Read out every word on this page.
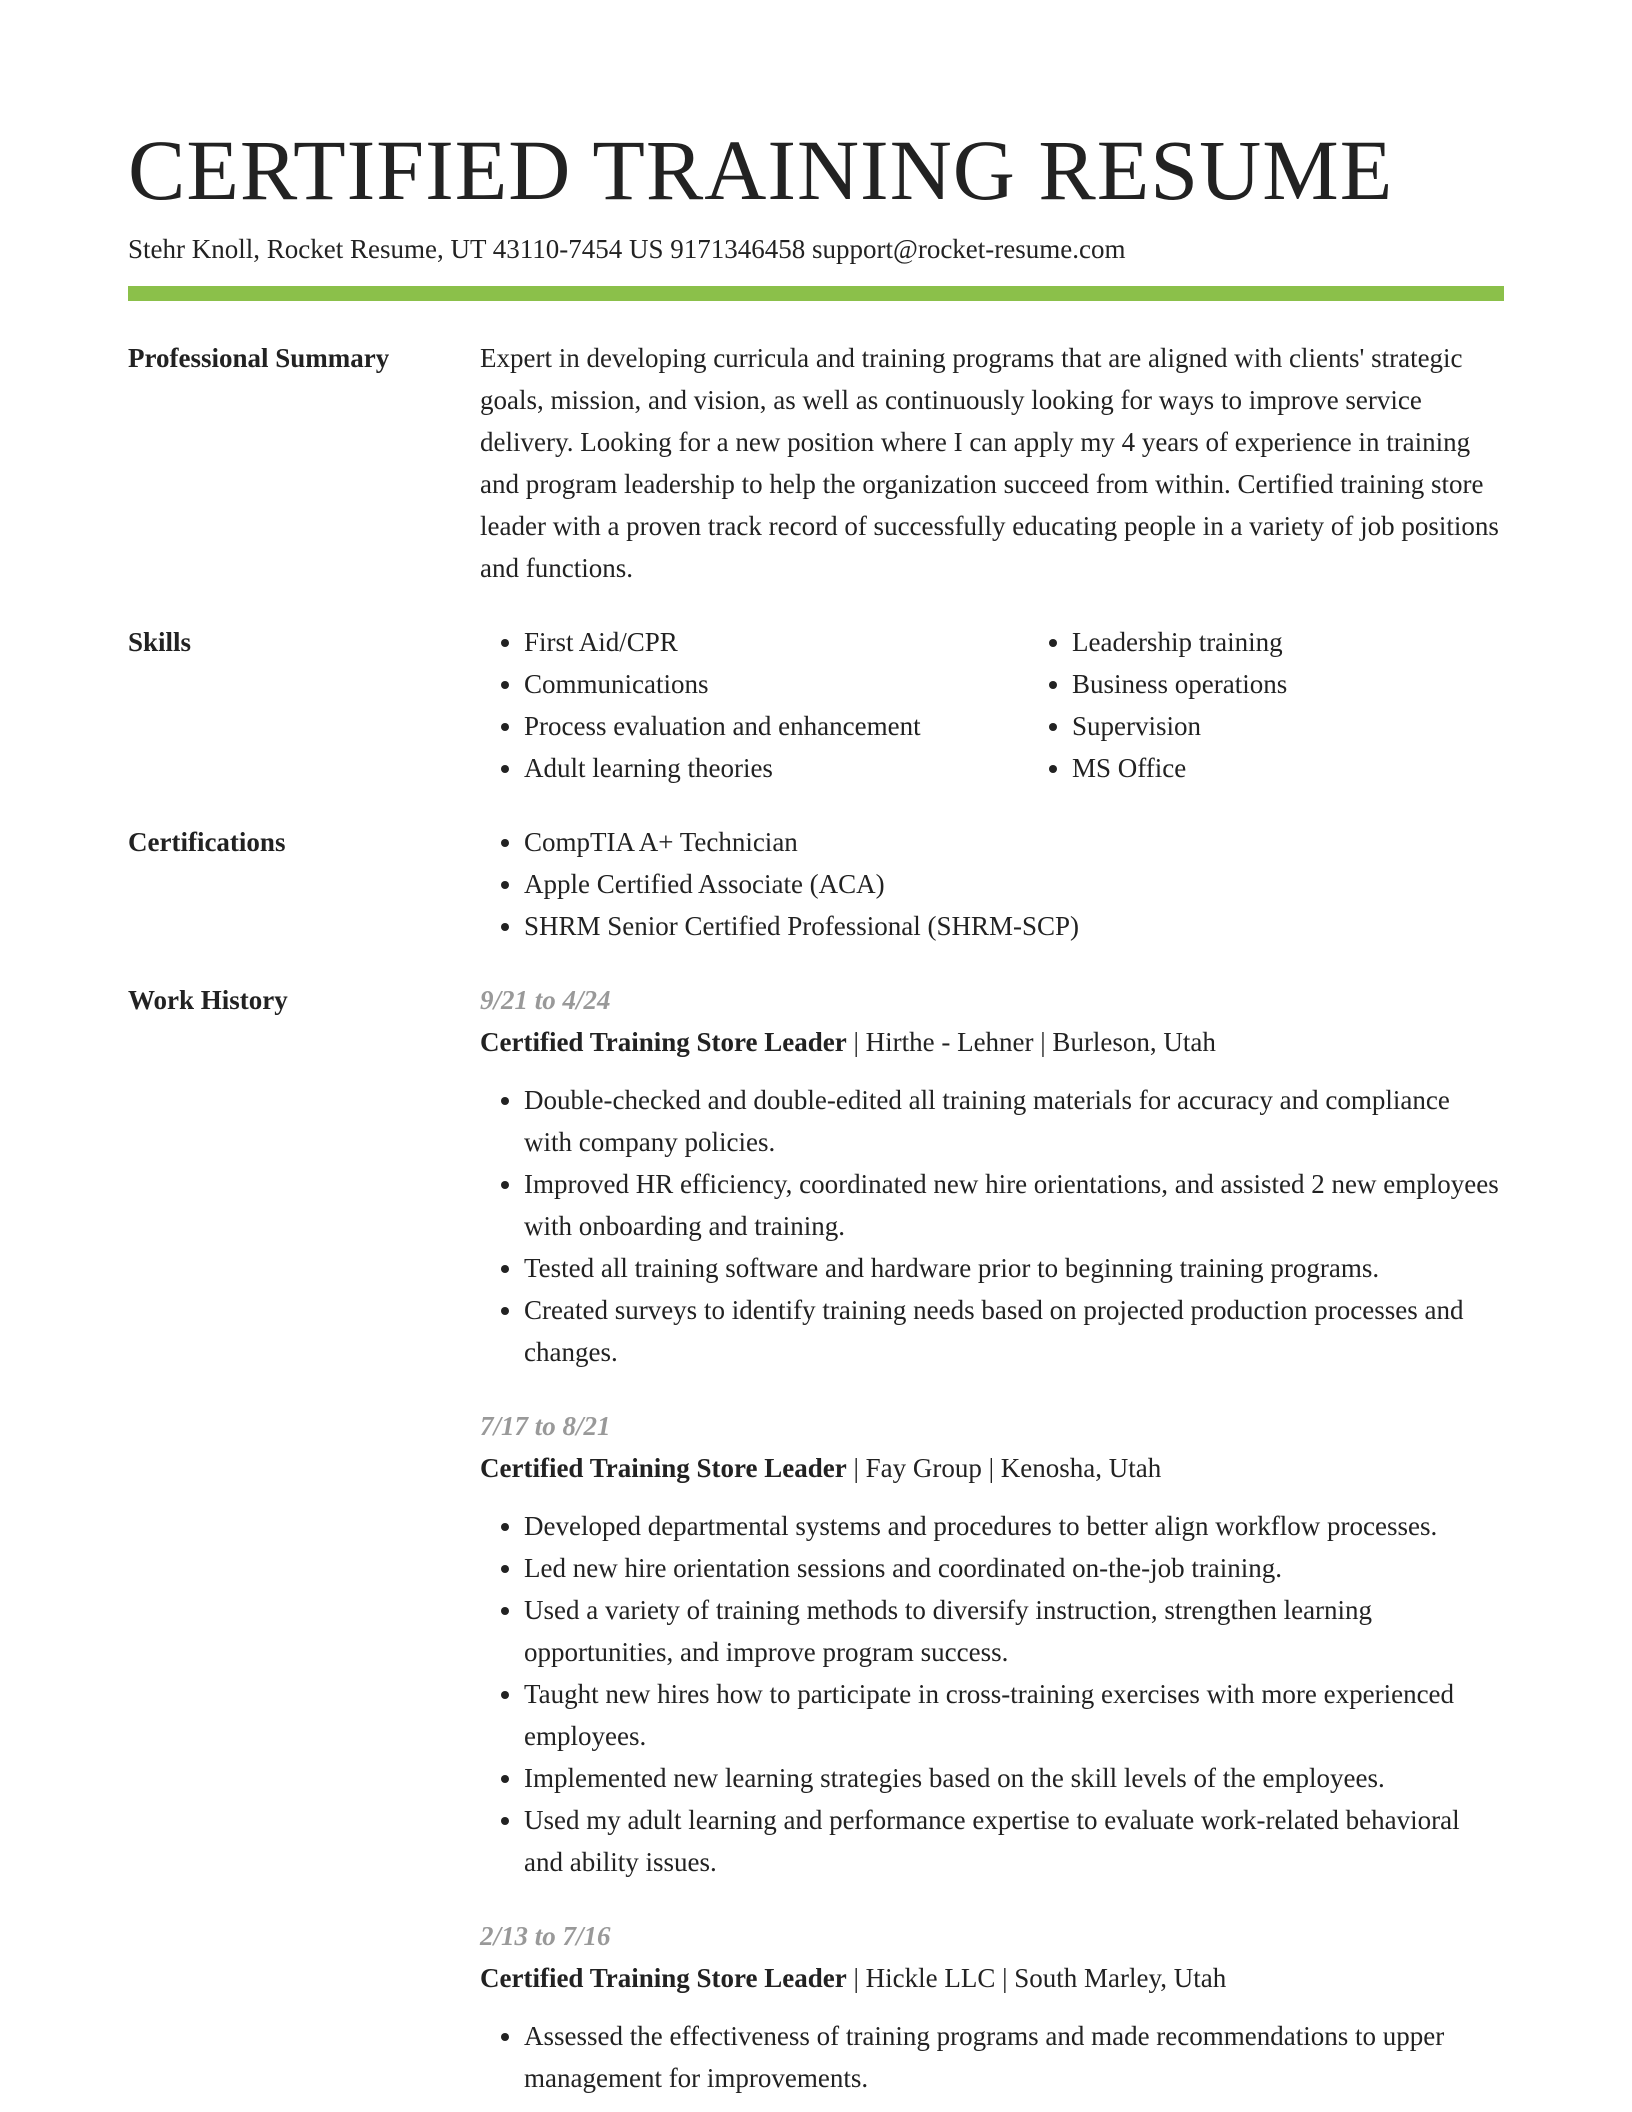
CERTIFIED TRAINING RESUME
Stehr Knoll, Rocket Resume, UT 43110-7454 US 9171346458 support@rocket-resume.com
Professional Summary	Expert in developing curricula and training programs that are aligned with clients' strategic goals, mission, and vision, as well as continuously looking for ways to improve service delivery. Looking for a new position where I can apply my 4 years of experience in training and program leadership to help the organization succeed from within. Certified training store leader with a proven track record of successfully educating people in a variety of job positions and functions.

Skills	• First Aid/CPR
• Communications
• Process evaluation and enhancement
• Adult learning theories
• Leadership training
• Business operations
• Supervision
• MS Office
Certifications	• CompTIA A+ Technician
• Apple Certified Associate (ACA)
• SHRM Senior Certified Professional (SHRM-SCP)
Work History	9/21 to 4/24
Certified Training Store Leader | Hirthe - Lehner | Burleson, Utah
• Double-checked and double-edited all training materials for accuracy and compliance with company policies.
• Improved HR efficiency, coordinated new hire orientations, and assisted 2 new employees with onboarding and training.
• Tested all training software and hardware prior to beginning training programs.
• Created surveys to identify training needs based on projected production processes and changes.
7/17 to 8/21
Certified Training Store Leader | Fay Group | Kenosha, Utah
• Developed departmental systems and procedures to better align workflow processes.
• Led new hire orientation sessions and coordinated on-the-job training.
• Used a variety of training methods to diversify instruction, strengthen learning opportunities, and improve program success.
• Taught new hires how to participate in cross-training exercises with more experienced employees.
• Implemented new learning strategies based on the skill levels of the employees.
• Used my adult learning and performance expertise to evaluate work-related behavioral and ability issues.
2/13 to 7/16
Certified Training Store Leader | Hickle LLC | South Marley, Utah
• Assessed the effectiveness of training programs and made recommendations to upper management for improvements.
